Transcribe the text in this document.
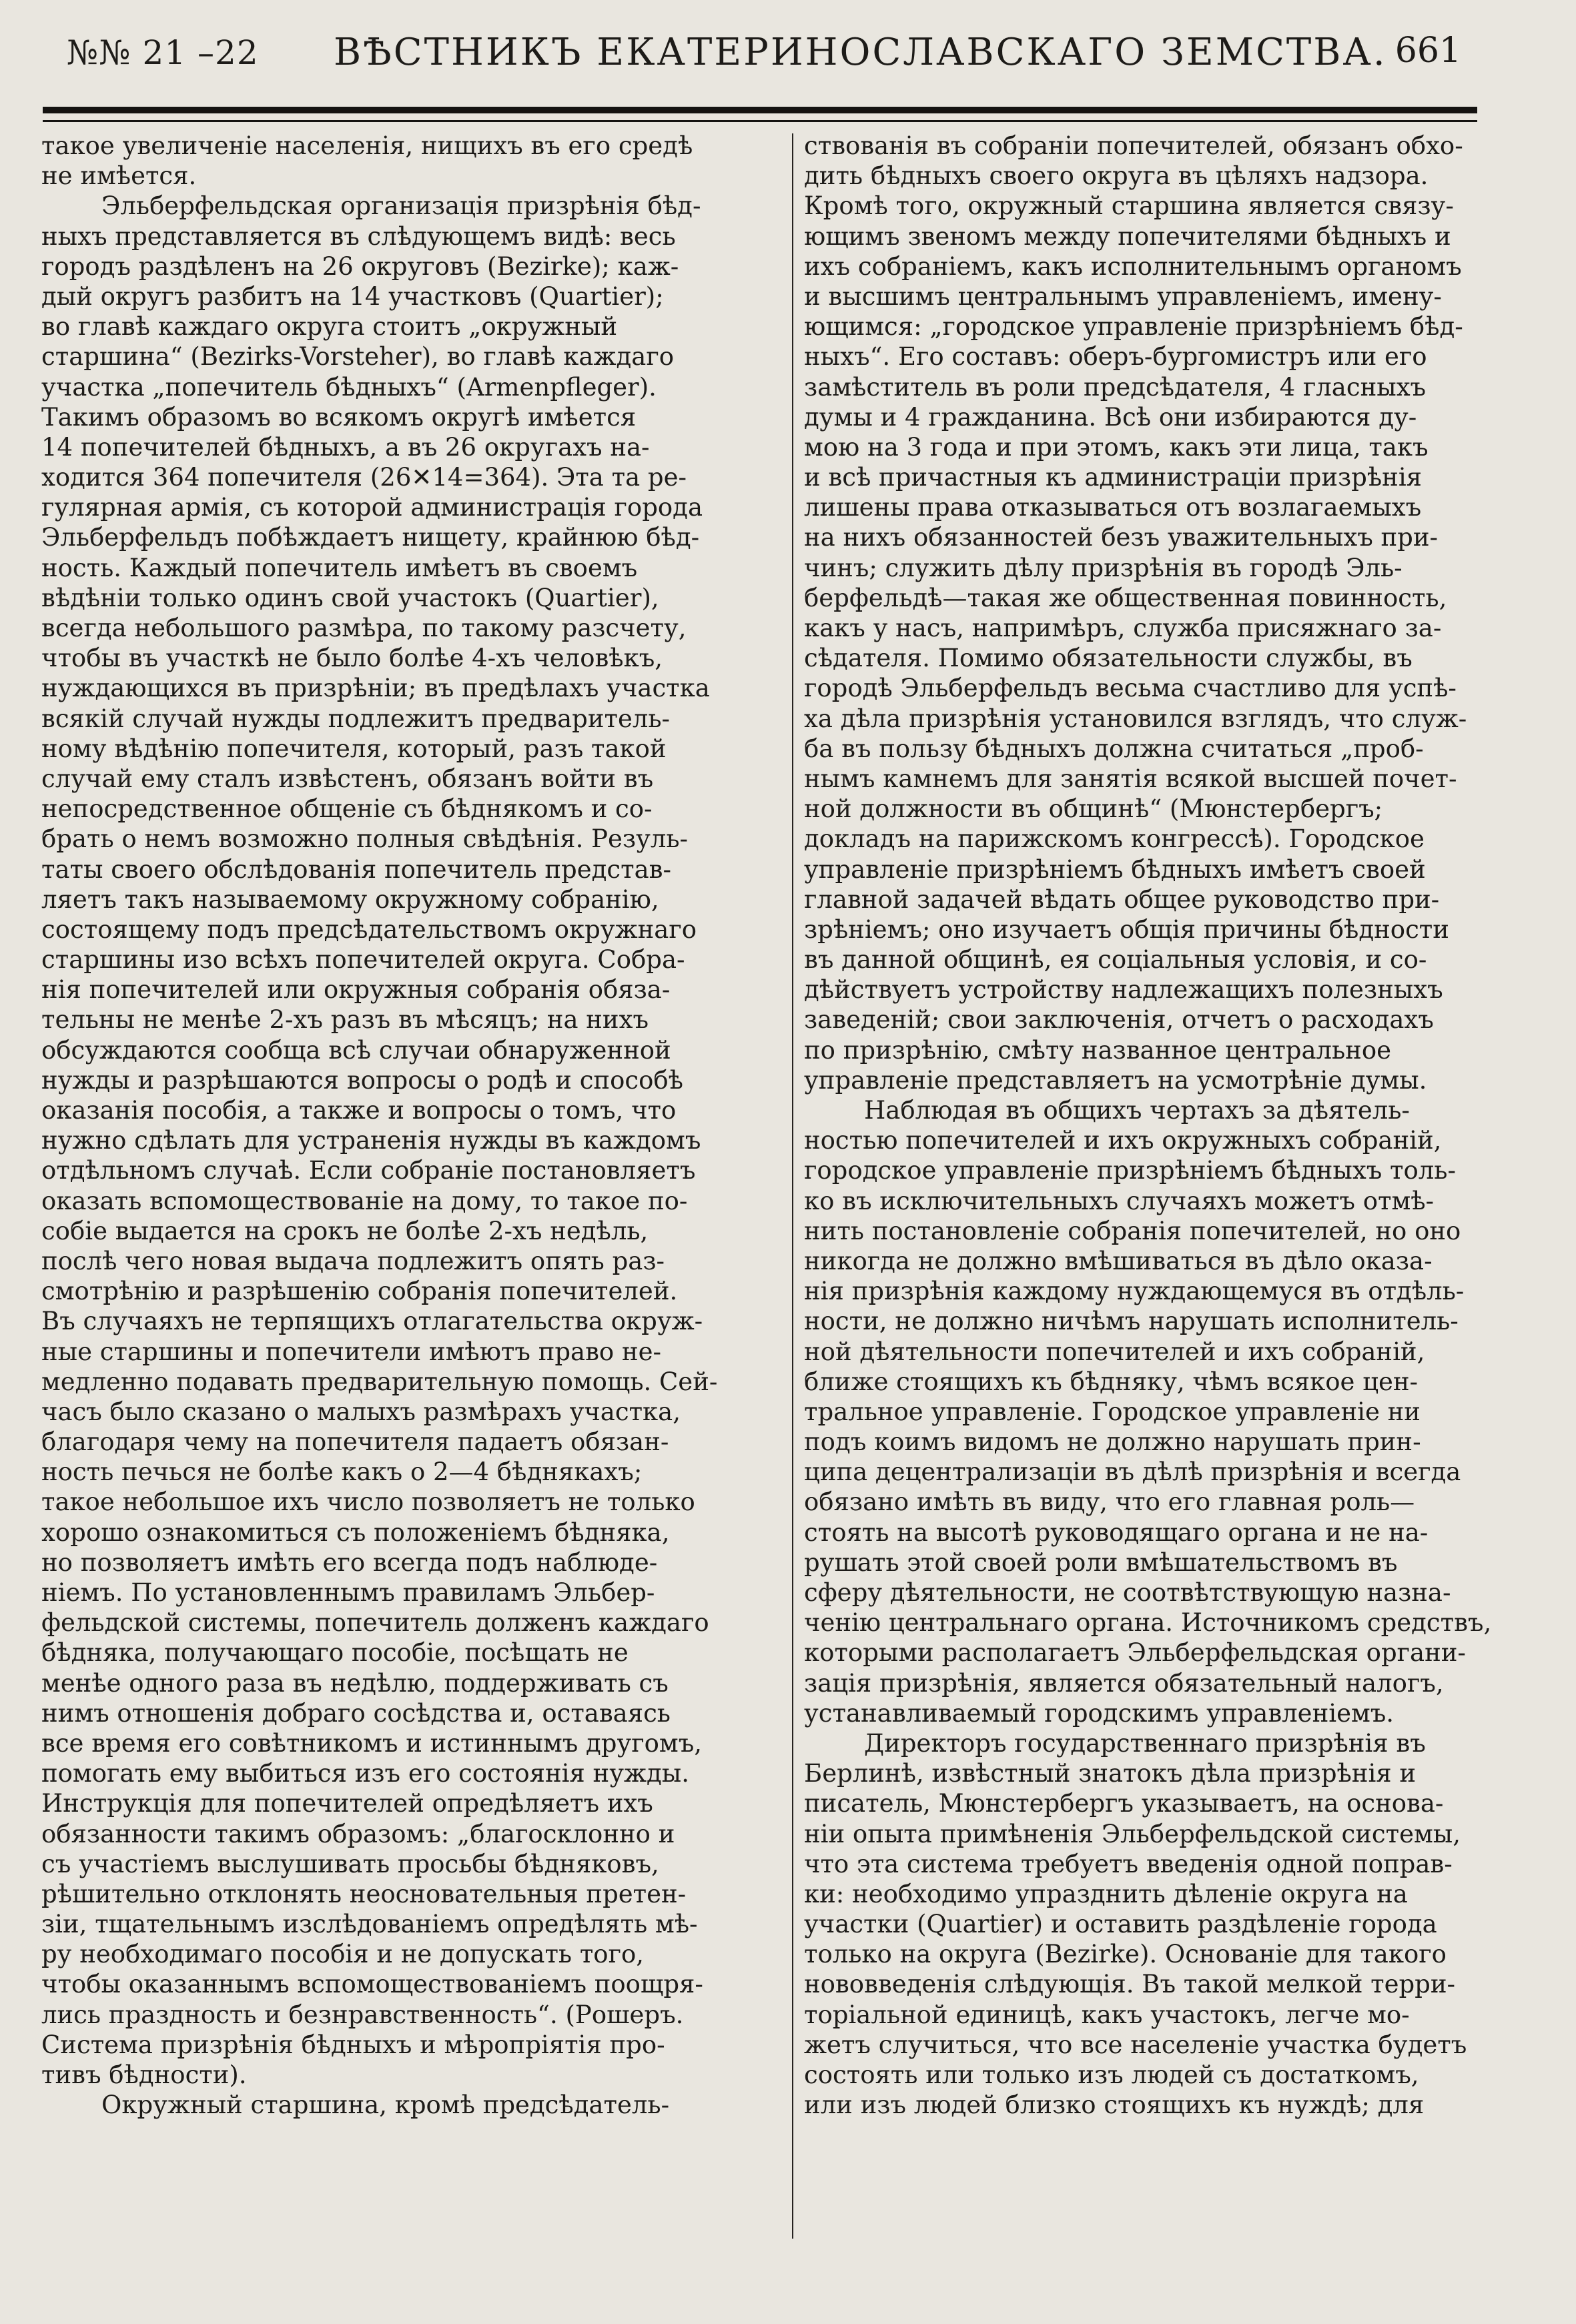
№№ 21 –22 ВѢСТНИКЪ ЕКАТЕРИНОСЛАВСКАГО ЗЕМСТВА. 661
такое увеличеніе населенія, нищихъ въ его средѣ
не имѣется.
Эльберфельдская организація призрѣнія бѣд-
ныхъ представляется въ слѣдующемъ видѣ: весь
городъ раздѣленъ на 26 округовъ (Bezirke); каж-
дый округъ разбитъ на 14 участковъ (Quartier);
во главѣ каждаго округа стоитъ „окружный
старшина“ (Bezirks-Vorsteher), во главѣ каждаго
участка „попечитель бѣдныхъ“ (Armenpfleger).
Такимъ образомъ во всякомъ округѣ имѣется
14 попечителей бѣдныхъ, а въ 26 округахъ на-
ходится 364 попечителя (26✕14=364). Эта та ре-
гулярная армія, съ которой администрація города
Эльберфельдъ побѣждаетъ нищету, крайнюю бѣд-
ность. Каждый попечитель имѣетъ въ своемъ
вѣдѣніи только одинъ свой участокъ (Quartier),
всегда небольшого размѣра, по такому разсчету,
чтобы въ участкѣ не было болѣе 4-хъ человѣкъ,
нуждающихся въ призрѣніи; въ предѣлахъ участка
всякій случай нужды подлежитъ предваритель-
ному вѣдѣнію попечителя, который, разъ такой
случай ему сталъ извѣстенъ, обязанъ войти въ
непосредственное общеніе съ бѣднякомъ и со-
брать о немъ возможно полныя свѣдѣнія. Резуль-
таты своего обслѣдованія попечитель представ-
ляетъ такъ называемому окружному собранію,
состоящему подъ предсѣдательствомъ окружнаго
старшины изо всѣхъ попечителей округа. Собра-
нія попечителей или окружныя собранія обяза-
тельны не менѣе 2-хъ разъ въ мѣсяцъ; на нихъ
обсуждаются сообща всѣ случаи обнаруженной
нужды и разрѣшаются вопросы о родѣ и способѣ
оказанія пособія, а также и вопросы о томъ, что
нужно сдѣлать для устраненія нужды въ каждомъ
отдѣльномъ случаѣ. Если собраніе постановляетъ
оказать вспомоществованіе на дому, то такое по-
собіе выдается на срокъ не болѣе 2-хъ недѣль,
послѣ чего новая выдача подлежитъ опять раз-
смотрѣнію и разрѣшенію собранія попечителей.
Въ случаяхъ не терпящихъ отлагательства окруж-
ные старшины и попечители имѣютъ право не-
медленно подавать предварительную помощь. Сей-
часъ было сказано о малыхъ размѣрахъ участка,
благодаря чему на попечителя падаетъ обязан-
ность печься не болѣе какъ о 2—4 бѣднякахъ;
такое небольшое ихъ число позволяетъ не только
хорошо ознакомиться съ положеніемъ бѣдняка,
но позволяетъ имѣть его всегда подъ наблюде-
ніемъ. По установленнымъ правиламъ Эльбер-
фельдской системы, попечитель долженъ каждаго
бѣдняка, получающаго пособіе, посѣщать не
менѣе одного раза въ недѣлю, поддерживать съ
нимъ отношенія добраго сосѣдства и, оставаясь
все время его совѣтникомъ и истиннымъ другомъ,
помогать ему выбиться изъ его состоянія нужды.
Инструкція для попечителей опредѣляетъ ихъ
обязанности такимъ образомъ: „благосклонно и
съ участіемъ выслушивать просьбы бѣдняковъ,
рѣшительно отклонять неосновательныя претен-
зіи, тщательнымъ изслѣдованіемъ опредѣлять мѣ-
ру необходимаго пособія и не допускать того,
чтобы оказаннымъ вспомоществованіемъ поощря-
лись праздность и безнравственность“. (Рошеръ.
Система призрѣнія бѣдныхъ и мѣропріятія про-
тивъ бѣдности).
Окружный старшина, кромѣ предсѣдатель-
ствованія въ собраніи попечителей, обязанъ обхо-
дить бѣдныхъ своего округа въ цѣляхъ надзора.
Кромѣ того, окружный старшина является связу-
ющимъ звеномъ между попечителями бѣдныхъ и
ихъ собраніемъ, какъ исполнительнымъ органомъ
и высшимъ центральнымъ управленіемъ, имену-
ющимся: „городское управленіе призрѣніемъ бѣд-
ныхъ“. Его составъ: оберъ-бургомистръ или его
замѣститель въ роли предсѣдателя, 4 гласныхъ
думы и 4 гражданина. Всѣ они избираются ду-
мою на 3 года и при этомъ, какъ эти лица, такъ
и всѣ причастныя къ администраціи призрѣнія
лишены права отказываться отъ возлагаемыхъ
на нихъ обязанностей безъ уважительныхъ при-
чинъ; служить дѣлу призрѣнія въ городѣ Эль-
берфельдѣ—такая же общественная повинность,
какъ у насъ, напримѣръ, служба присяжнаго за-
сѣдателя. Помимо обязательности службы, въ
городѣ Эльберфельдъ весьма счастливо для успѣ-
ха дѣла призрѣнія установился взглядъ, что служ-
ба въ пользу бѣдныхъ должна считаться „проб-
нымъ камнемъ для занятія всякой высшей почет-
ной должности въ общинѣ“ (Мюнстербергъ;
докладъ на парижскомъ конгрессѣ). Городское
управленіе призрѣніемъ бѣдныхъ имѣетъ своей
главной задачей вѣдать общее руководство при-
зрѣніемъ; оно изучаетъ общія причины бѣдности
въ данной общинѣ, ея соціальныя условія, и со-
дѣйствуетъ устройству надлежащихъ полезныхъ
заведеній; свои заключенія, отчетъ о расходахъ
по призрѣнію, смѣту названное центральное
управленіе представляетъ на усмотрѣніе думы.
Наблюдая въ общихъ чертахъ за дѣятель-
ностью попечителей и ихъ окружныхъ собраній,
городское управленіе призрѣніемъ бѣдныхъ толь-
ко въ исключительныхъ случаяхъ можетъ отмѣ-
нить постановленіе собранія попечителей, но оно
никогда не должно вмѣшиваться въ дѣло оказа-
нія призрѣнія каждому нуждающемуся въ отдѣль-
ности, не должно ничѣмъ нарушать исполнитель-
ной дѣятельности попечителей и ихъ собраній,
ближе стоящихъ къ бѣдняку, чѣмъ всякое цен-
тральное управленіе. Городское управленіе ни
подъ коимъ видомъ не должно нарушать прин-
ципа децентрализаціи въ дѣлѣ призрѣнія и всегда
обязано имѣть въ виду, что его главная роль—
стоять на высотѣ руководящаго органа и не на-
рушать этой своей роли вмѣшательствомъ въ
сферу дѣятельности, не соотвѣтствующую назна-
ченію центральнаго органа. Источникомъ средствъ,
которыми располагаетъ Эльберфельдская органи-
зація призрѣнія, является обязательный налогъ,
устанавливаемый городскимъ управленіемъ.
Директоръ государственнаго призрѣнія въ
Берлинѣ, извѣстный знатокъ дѣла призрѣнія и
писатель, Мюнстербергъ указываетъ, на основа-
ніи опыта примѣненія Эльберфельдской системы,
что эта система требуетъ введенія одной поправ-
ки: необходимо упразднить дѣленіе округа на
участки (Quartier) и оставить раздѣленіе города
только на округа (Bezirke). Основаніе для такого
нововведенія слѣдующія. Въ такой мелкой терри-
торіальной единицѣ, какъ участокъ, легче мо-
жетъ случиться, что все населеніе участка будетъ
состоять или только изъ людей съ достаткомъ,
или изъ людей близко стоящихъ къ нуждѣ; для
